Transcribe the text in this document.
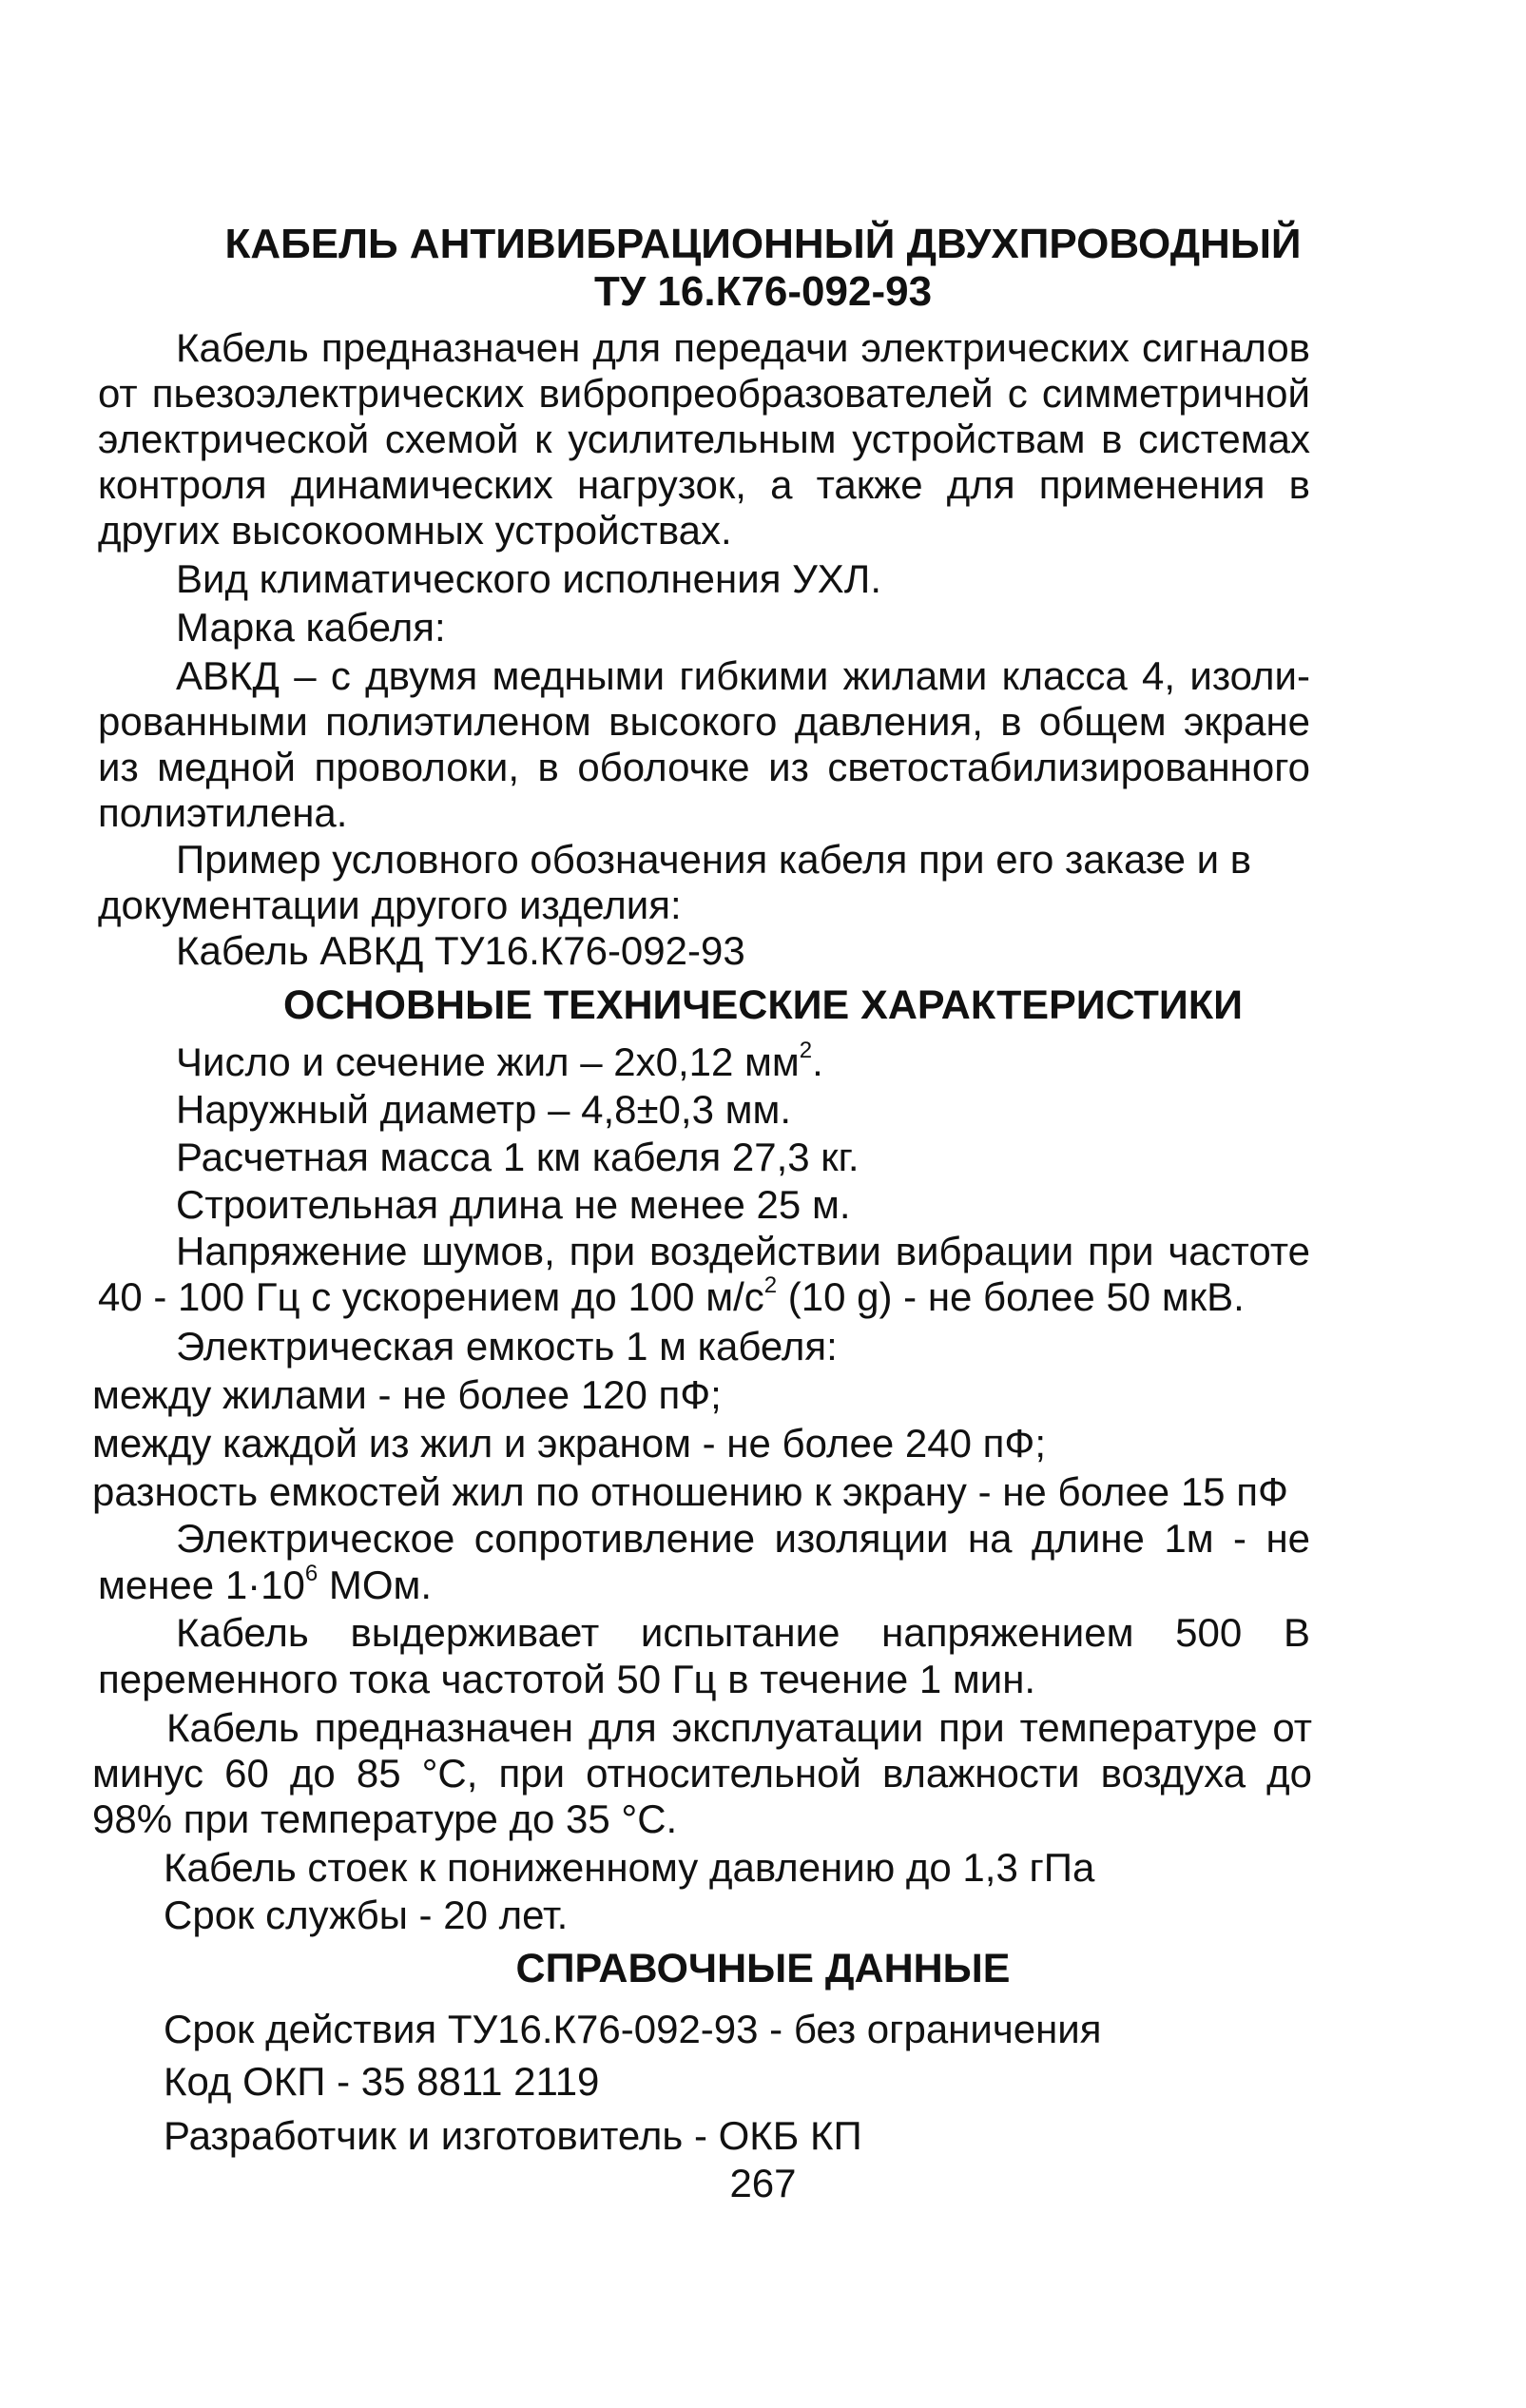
КАБЕЛЬ АНТИВИБРАЦИОННЫЙ ДВУХПРОВОДНЫЙ
ТУ 16.К76-092-93
Кабель предназначен для передачи электрических сигналов
от пьезоэлектрических вибропреобразователей с симметричной
электрической схемой к усилительным устройствам в системах
контроля динамических нагрузок, а также для применения в
других высокоомных устройствах.
Вид климатического исполнения УХЛ.
Марка кабеля:
АВКД – с двумя медными гибкими жилами класса 4, изоли-
рованными полиэтиленом высокого давления, в общем экране
из медной проволоки, в оболочке из светостабилизированного
полиэтилена.
Пример условного обозначения кабеля при его заказе и в
документации другого изделия:
Кабель АВКД ТУ16.К76-092-93
ОСНОВНЫЕ ТЕХНИЧЕСКИЕ ХАРАКТЕРИСТИКИ
Число и сечение жил – 2х0,12 $мм^2$.
Наружный диаметр – 4,8±0,3 мм.
Расчетная масса 1 км кабеля 27,3 кг.
Строительная длина не менее 25 м.
Напряжение шумов, при воздействии вибрации при частоте
40 - 100 Гц с ускорением до 100 $м/с^2$ (10 g) - не более 50 мкВ.
Электрическая емкость 1 м кабеля:
между жилами - не более 120 пФ;
между каждой из жил и экраном - не более 240 пФ;
разность емкостей жил по отношению к экрану - не более 15 пФ
Электрическое сопротивление изоляции на длине 1м - не
менее $1\cdot 10^6$ МОм.
Кабель выдерживает испытание напряжением 500 В
переменного тока частотой 50 Гц в течение 1 мин.
Кабель предназначен для эксплуатации при температуре от
минус 60 до 85 °С, при относительной влажности воздуха до
98% при температуре до 35 °С.
Кабель стоек к пониженному давлению до 1,3 гПа
Срок службы - 20 лет.
СПРАВОЧНЫЕ ДАННЫЕ
Срок действия ТУ16.К76-092-93 - без ограничения
Код ОКП - 35 8811 2119
Разработчик и изготовитель - ОКБ КП
267
